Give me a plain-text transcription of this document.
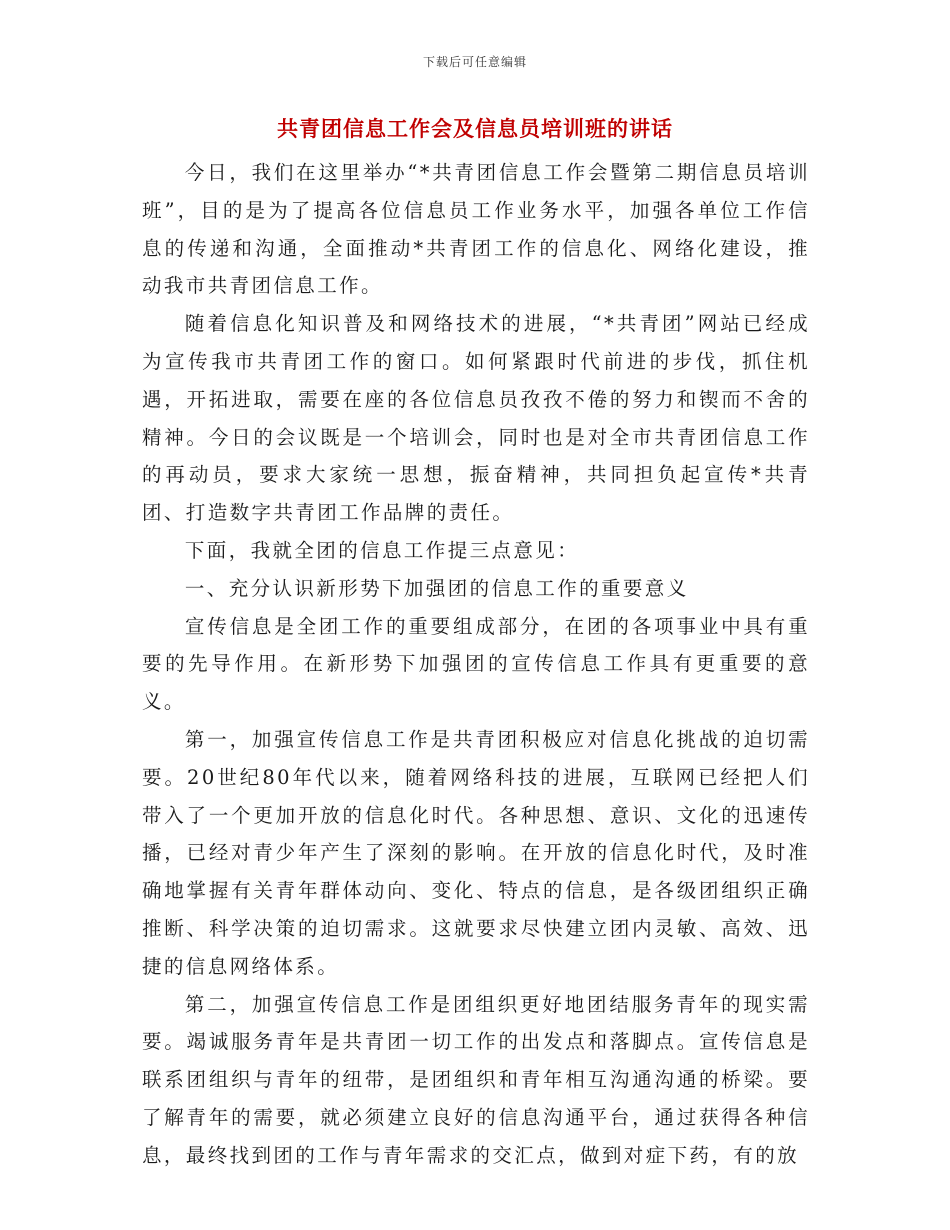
下载后可任意编辑
共青团信息工作会及信息员培训班的讲话

今日，我们在这里举办“*共青团信息工作会暨第二期信息员培训班”，目的是为了提高各位信息员工作业务水平，加强各单位工作信息的传递和沟通，全面推动*共青团工作的信息化、网络化建设，推动我市共青团信息工作。

随着信息化知识普及和网络技术的进展，“*共青团”网站已经成为宣传我市共青团工作的窗口。如何紧跟时代前进的步伐，抓住机遇，开拓进取，需要在座的各位信息员孜孜不倦的努力和锲而不舍的精神。今日的会议既是一个培训会，同时也是对全市共青团信息工作的再动员，要求大家统一思想，振奋精神，共同担负起宣传*共青团、打造数字共青团工作品牌的责任。

下面，我就全团的信息工作提三点意见：

一、充分认识新形势下加强团的信息工作的重要意义

宣传信息是全团工作的重要组成部分，在团的各项事业中具有重要的先导作用。在新形势下加强团的宣传信息工作具有更重要的意义。

第一，加强宣传信息工作是共青团积极应对信息化挑战的迫切需要。20世纪80年代以来，随着网络科技的进展，互联网已经把人们带入了一个更加开放的信息化时代。各种思想、意识、文化的迅速传播，已经对青少年产生了深刻的影响。在开放的信息化时代，及时准确地掌握有关青年群体动向、变化、特点的信息，是各级团组织正确推断、科学决策的迫切需求。这就要求尽快建立团内灵敏、高效、迅捷的信息网络体系。

第二，加强宣传信息工作是团组织更好地团结服务青年的现实需要。竭诚服务青年是共青团一切工作的出发点和落脚点。宣传信息是联系团组织与青年的纽带，是团组织和青年相互沟通沟通的桥梁。要了解青年的需要，就必须建立良好的信息沟通平台，通过获得各种信息，最终找到团的工作与青年需求的交汇点，做到对症下药，有的放
